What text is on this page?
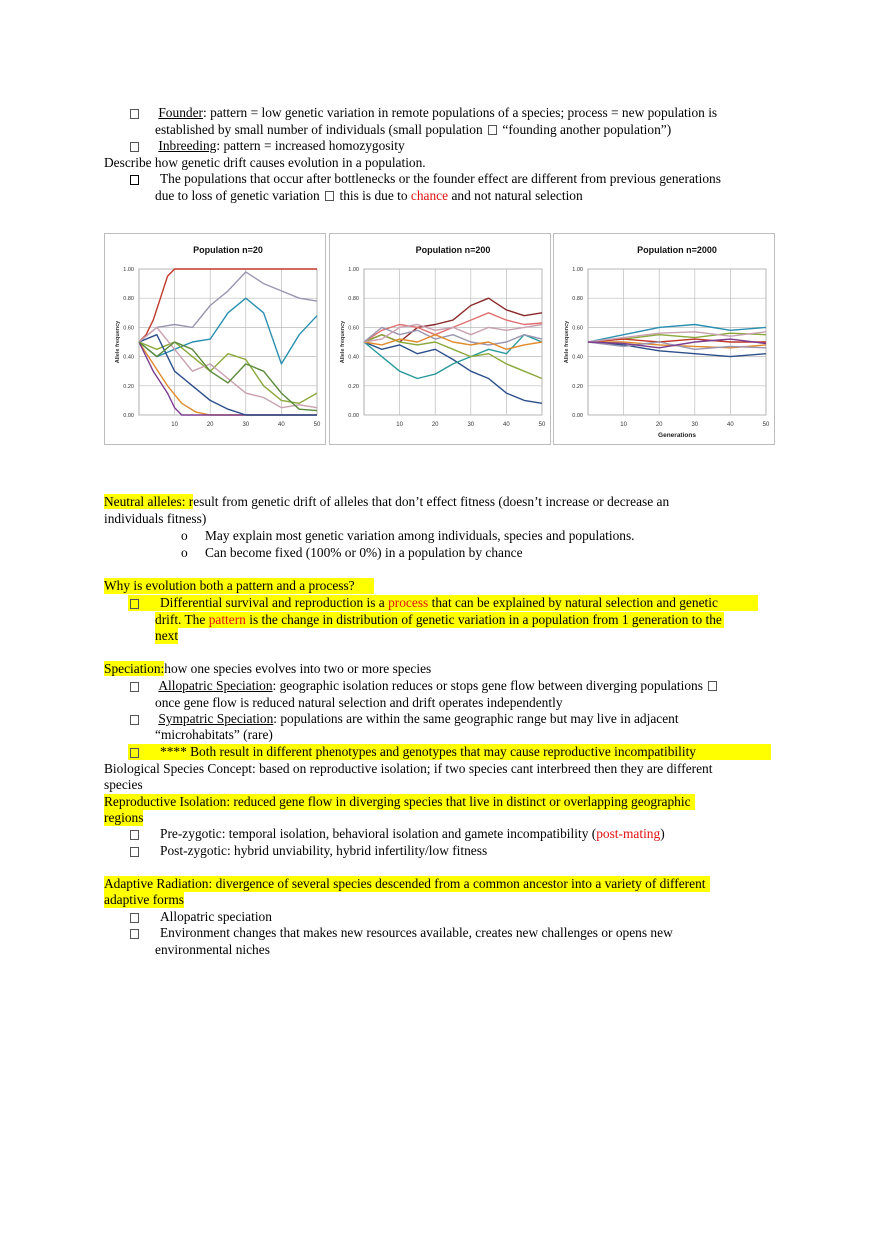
Founder: pattern = low genetic variation in remote populations of a species; process = new population is
established by small number of individuals (small population “founding another population”)
Inbreeding: pattern = increased homozygosity
Describe how genetic drift causes evolution in a population.
The populations that occur after bottlenecks or the founder effect are different from previous generations
due to loss of genetic variation this is due to chance and not natural selection
Population n=20
0.00
0.20
0.40
0.60
0.80
1.00
10	20	30	40	50
Allele frequency
Population n=200
0.00
0.20
0.40
0.60
0.80
1.00
10	20	30	40	50
Allele frequency
Population n=2000
0.00
0.20
0.40
0.60
0.80
1.00
10	20	30	40	50
Allele frequency
Generations
Neutral alleles: result from genetic drift of alleles that don’t effect fitness (doesn’t increase or decrease an
individuals fitness)
o May explain most genetic variation among individuals, species and populations.
o Can become fixed (100% or 0%) in a population by chance
Why is evolution both a pattern and a process?
Differential survival and reproduction is a process that can be explained by natural selection and genetic
drift. The pattern is the change in distribution of genetic variation in a population from 1 generation to the
next
Speciation:how one species evolves into two or more species
Allopatric Speciation: geographic isolation reduces or stops gene flow between diverging populations
once gene flow is reduced natural selection and drift operates independently
Sympatric Speciation: populations are within the same geographic range but may live in adjacent
“microhabitats” (rare)
**** Both result in different phenotypes and genotypes that may cause reproductive incompatibility
Biological Species Concept: based on reproductive isolation; if two species cant interbreed then they are different
species
Reproductive Isolation: reduced gene flow in diverging species that live in distinct or overlapping geographic
regions
Pre-zygotic: temporal isolation, behavioral isolation and gamete incompatibility (post-mating)
Post-zygotic: hybrid unviability, hybrid infertility/low fitness
Adaptive Radiation: divergence of several species descended from a common ancestor into a variety of different
adaptive forms
Allopatric speciation
Environment changes that makes new resources available, creates new challenges or opens new
environmental niches
